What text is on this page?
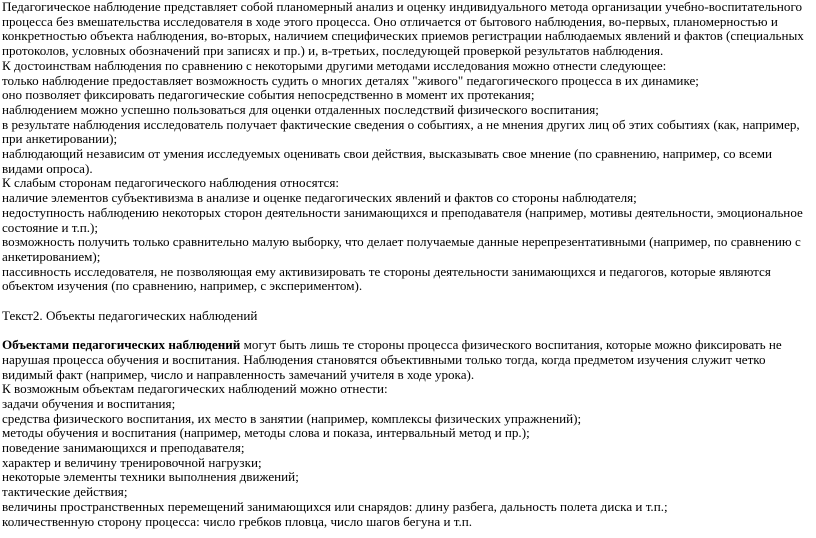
Педагогическое наблюдение представляет собой планомерный анализ и оценку индивидуального метода организации учебно-воспитательного процесса без вмешательства исследователя в ходе этого процесса. Оно отличается от бытового наблюдения, во-первых, планомерностью и конкретностью объекта наблюдения, во-вторых, наличием специфических приемов регистрации наблюдаемых явлений и фактов (специальных протоколов, условных обозначений при записях и пр.) и, в-третьих, последующей проверкой результатов наблюдения.

К достоинствам наблюдения по сравнению с некоторыми другими методами исследования можно отнести следующее:

только наблюдение предоставляет возможность судить о многих деталях "живого" педагогического процесса в их динамике;

оно позволяет фиксировать педагогические события непосредственно в момент их протекания;

наблюдением можно успешно пользоваться для оценки отдаленных последствий физического воспитания;

в результате наблюдения исследователь получает фактические сведения о событиях, а не мнения других лиц об этих событиях (как, например, при анкетировании);

наблюдающий независим от умения исследуемых оценивать свои действия, высказывать свое мнение (по сравнению, например, со всеми видами опроса).

К слабым сторонам педагогического наблюдения относятся:

наличие элементов субъективизма в анализе и оценке педагогических явлений и фактов со стороны наблюдателя;

недоступность наблюдению некоторых сторон деятельности занимающихся и преподавателя (например, мотивы деятельности, эмоциональное состояние и т.п.);

возможность получить только сравнительно малую выборку, что делает получаемые данные нерепрезентативными (например, по сравнению с анкетированием);

пассивность исследователя, не позволяющая ему активизировать те стороны деятельности занимающихся и педагогов, которые являются объектом изучения (по сравнению, например, с экспериментом).

Текст2. Объекты педагогических наблюдений

Объектами педагогических наблюдений могут быть лишь те стороны процесса физического воспитания, которые можно фиксировать не нарушая процесса обучения и воспитания. Наблюдения становятся объективными только тогда, когда предметом изучения служит четко видимый факт (например, число и направленность замечаний учителя в ходе урока).

К возможным объектам педагогических наблюдений можно отнести:

задачи обучения и воспитания;

средства физического воспитания, их место в занятии (например, комплексы физических упражнений);

методы обучения и воспитания (например, методы слова и показа, интервальный метод и пр.);

поведение занимающихся и преподавателя;

характер и величину тренировочной нагрузки;

некоторые элементы техники выполнения движений;

тактические действия;

величины пространственных перемещений занимающихся или снарядов: длину разбега, дальность полета диска и т.п.;

количественную сторону процесса: число гребков пловца, число шагов бегуна и т.п.
